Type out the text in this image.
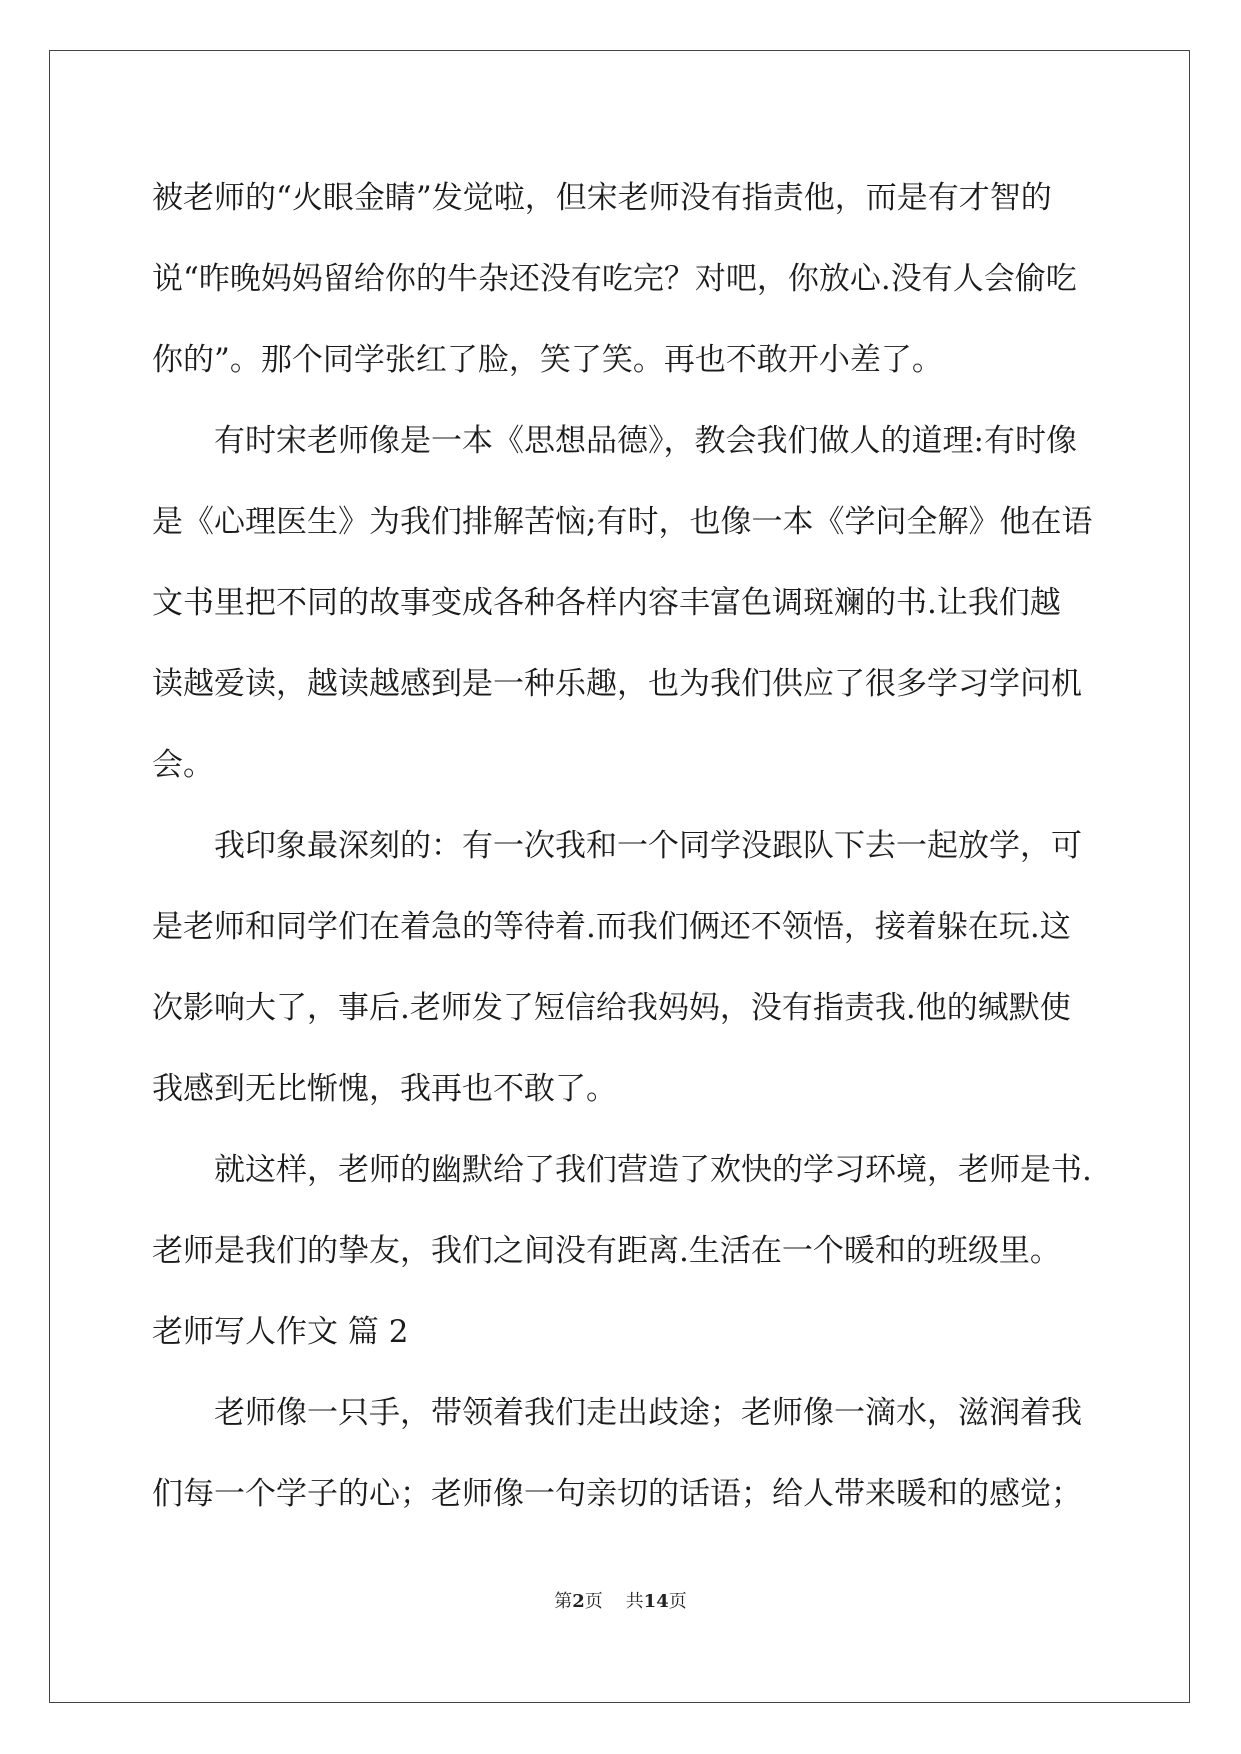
被老师的“火眼金睛”发觉啦，但宋老师没有指责他，而是有才智的
说“昨晚妈妈留给你的牛杂还没有吃完？对吧，你放心.没有人会偷吃
你的”。那个同学张红了脸，笑了笑。再也不敢开小差了。

有时宋老师像是一本《思想品德》，教会我们做人的道理:有时像
是《心理医生》为我们排解苦恼;有时，也像一本《学问全解》他在语
文书里把不同的故事变成各种各样内容丰富色调斑斓的书.让我们越
读越爱读，越读越感到是一种乐趣，也为我们供应了很多学习学问机
会。

我印象最深刻的：有一次我和一个同学没跟队下去一起放学，可
是老师和同学们在着急的等待着.而我们俩还不领悟，接着躲在玩.这
次影响大了，事后.老师发了短信给我妈妈，没有指责我.他的缄默使
我感到无比惭愧，我再也不敢了。

就这样，老师的幽默给了我们营造了欢快的学习环境，老师是书.
老师是我们的挚友，我们之间没有距离.生活在一个暖和的班级里。

老师写人作文 篇 2

老师像一只手，带领着我们走出歧途；老师像一滴水，滋润着我
们每一个学子的心；老师像一句亲切的话语；给人带来暖和的感觉；

第2页 共14页
